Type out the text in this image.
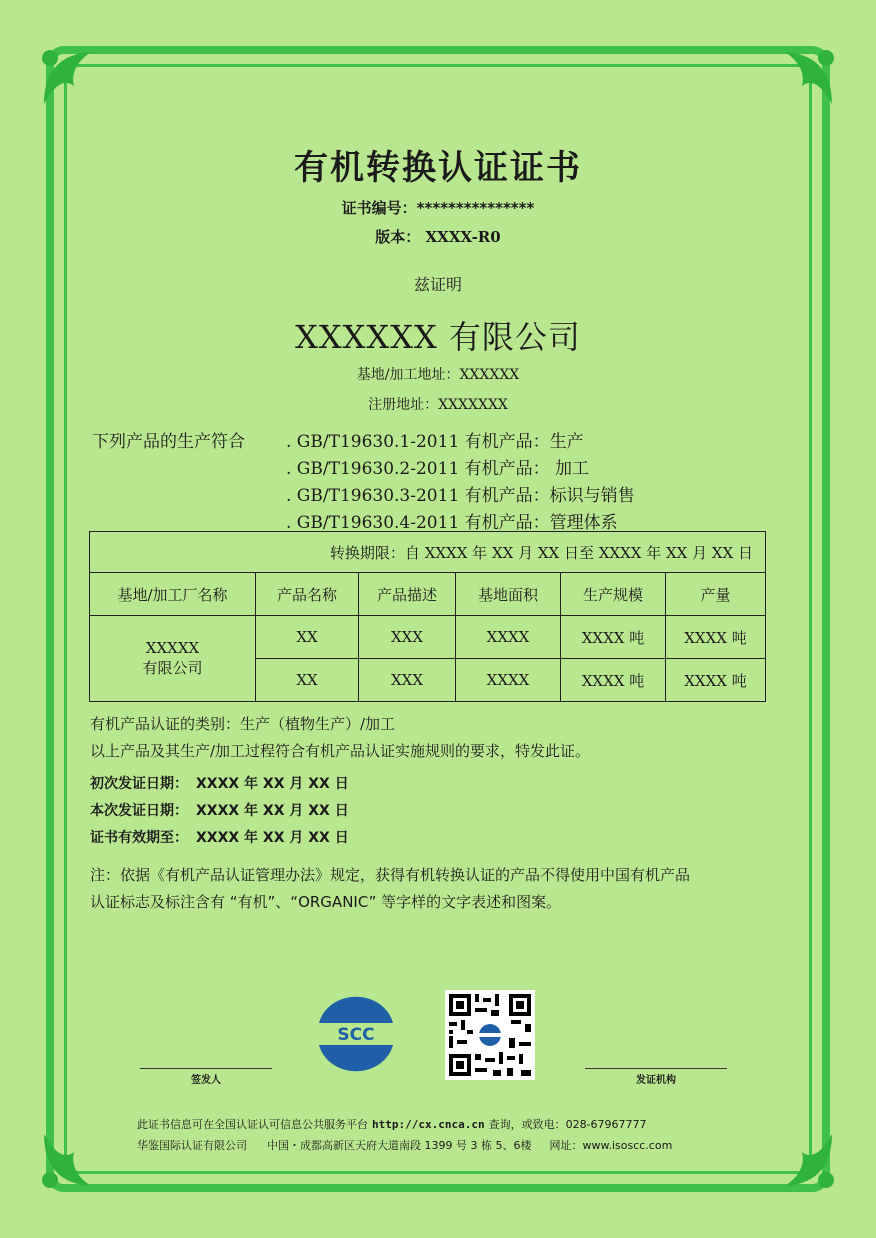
有机转换认证证书
证书编号：***************
版本： XXXX-R0
兹证明
XXXXXX 有限公司
基地/加工地址：XXXXXX
注册地址：XXXXXXX
下列产品的生产符合 . GB/T19630.1-2011 有机产品：生产
. GB/T19630.2-2011 有机产品： 加工
. GB/T19630.3-2011 有机产品：标识与销售
. GB/T19630.4-2011 有机产品：管理体系
转换期限：自 XXXX 年 XX 月 XX 日至 XXXX 年 XX 月 XX 日					
基地/加工厂名称	产品名称	产品描述	基地面积	生产规模	产量

XXXXX
有限公司	XX	XXX	XXXX	XXXX 吨	XXXX 吨
	XX	XXX	XXXX	XXXX 吨	XXXX 吨
有机产品认证的类别：生产（植物生产）/加工
以上产品及其生产/加工过程符合有机产品认证实施规则的要求，特发此证。
初次发证日期： XXXX 年 XX 月 XX 日
本次发证日期： XXXX 年 XX 月 XX 日
证书有效期至： XXXX 年 XX 月 XX 日
注：依据《有机产品认证管理办法》规定，获得有机转换认证的产品不得使用中国有机产品
认证标志及标注含有 “有机”、“ORGANIC” 等字样的文字表述和图案。
SCC
签发人	发证机构
此证书信息可在全国认证认可信息公共服务平台 http://cx.cnca.cn 查询，或致电：028-67967777
华鉴国际认证有限公司 中国・成都高新区天府大道南段 1399 号 3 栋 5、6楼 网址：www.isoscc.com
